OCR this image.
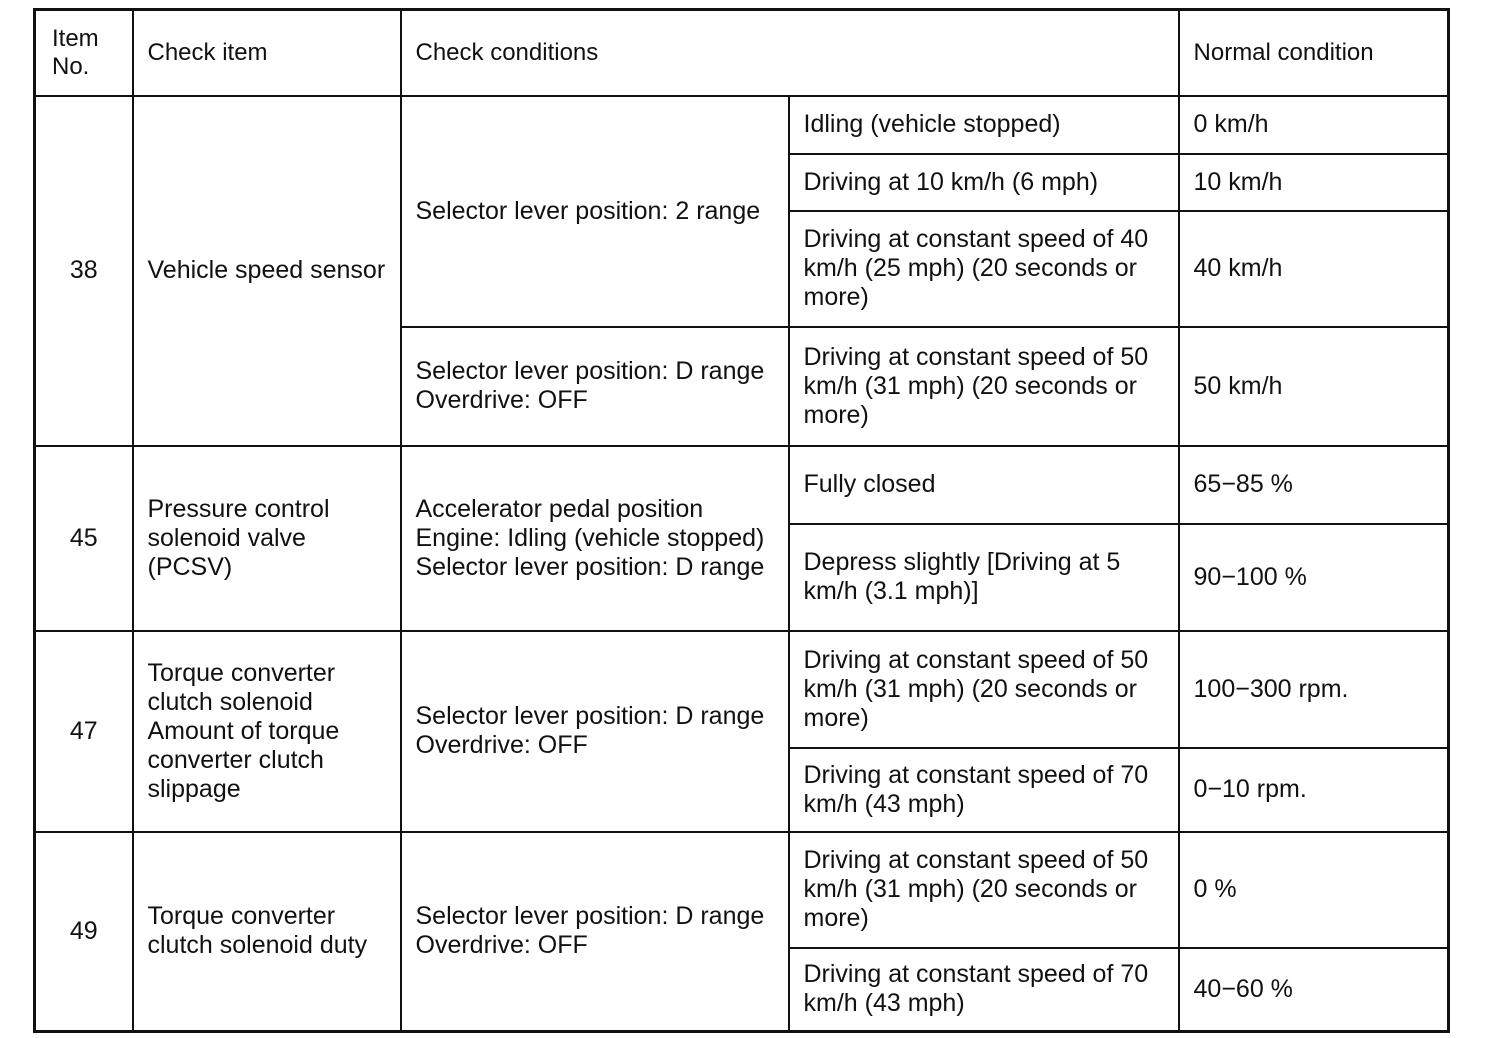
Item No.	Check item	Check conditions		Normal condition
38	Vehicle speed sensor	Selector lever position: 2 range	Idling (vehicle stopped)	0 km/h
			Driving at 10 km/h (6 mph)	10 km/h
			Driving at constant speed of 40 km/h (25 mph) (20 seconds or more)	40 km/h
		Selector lever position: D range Overdrive: OFF	Driving at constant speed of 50 km/h (31 mph) (20 seconds or more)	50 km/h
45	Pressure control solenoid valve (PCSV)	Accelerator pedal position Engine: Idling (vehicle stopped) Selector lever position: D range	Fully closed	65−85 %
			Depress slightly [Driving at 5 km/h (3.1 mph)]	90−100 %
47	Torque converter clutch solenoid Amount of torque converter clutch slippage	Selector lever position: D range Overdrive: OFF	Driving at constant speed of 50 km/h (31 mph) (20 seconds or more)	100−300 rpm.
			Driving at constant speed of 70 km/h (43 mph)	0−10 rpm.
49	Torque converter clutch solenoid duty	Selector lever position: D range Overdrive: OFF	Driving at constant speed of 50 km/h (31 mph) (20 seconds or more)	0 %
			Driving at constant speed of 70 km/h (43 mph)	40−60 %
